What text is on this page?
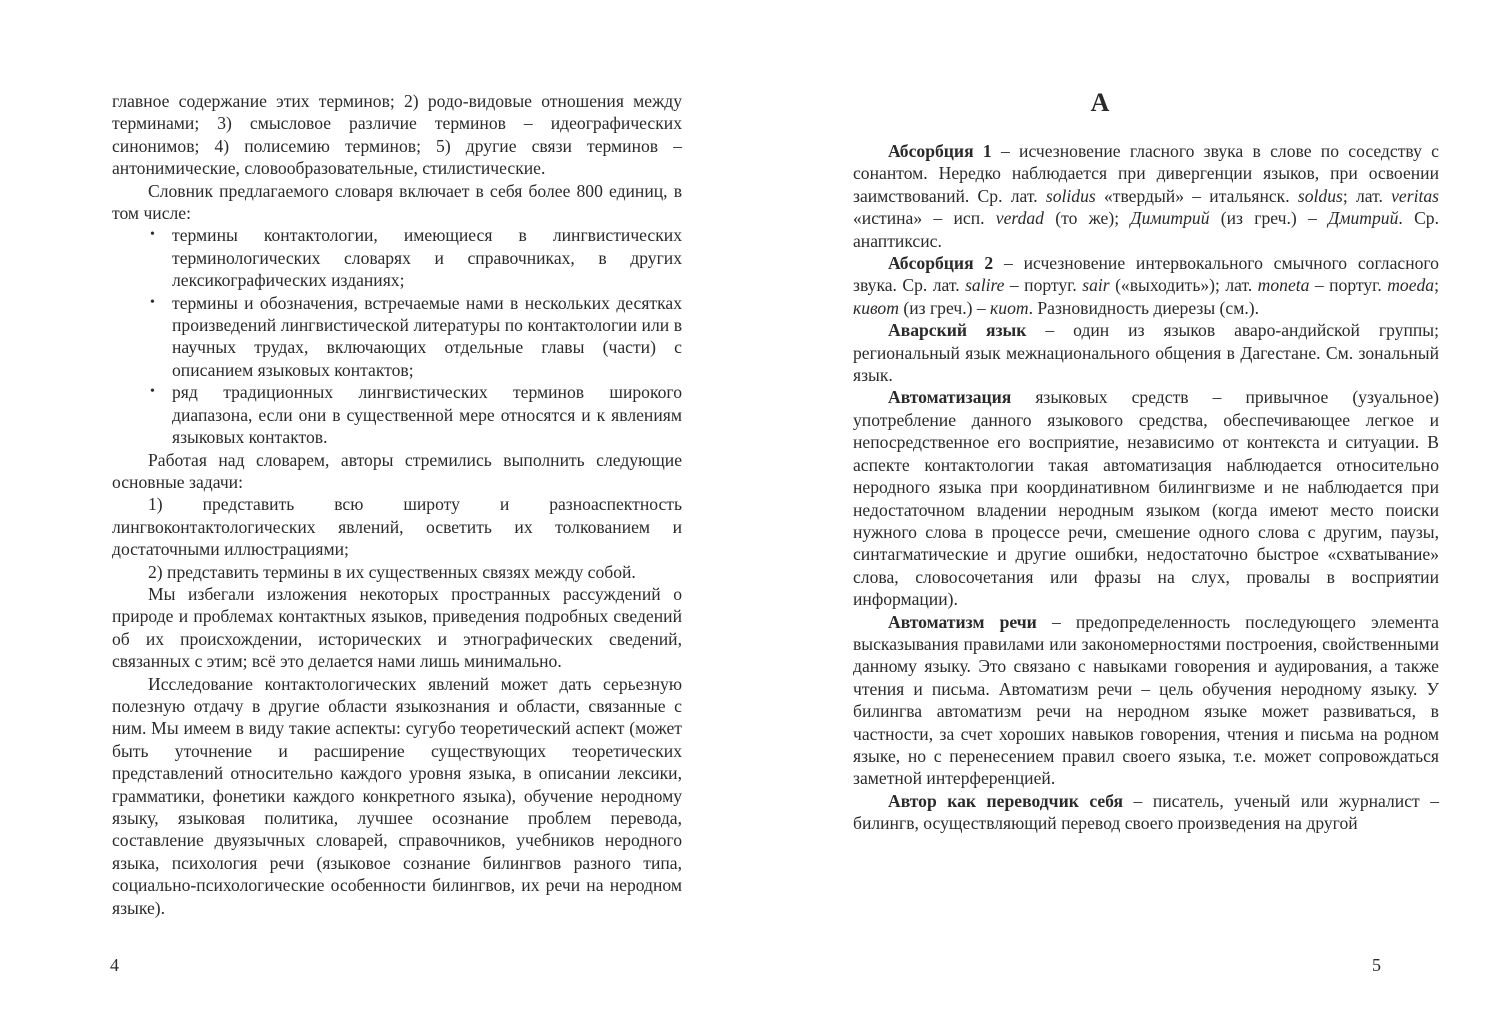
главное содержание этих терминов; 2) родо-видовые отношения между терминами; 3) смысловое различие терминов – идеографических синонимов; 4) полисемию терминов; 5) другие связи терминов – антонимические, словообразовательные, стилистические.

Словник предлагаемого словаря включает в себя более 800 единиц, в том числе:

• термины контактологии, имеющиеся в лингвистических терминологических словарях и справочниках, в других лексикографических изданиях;
• термины и обозначения, встречаемые нами в нескольких десятках произведений лингвистической литературы по контактологии или в научных трудах, включающих отдельные главы (части) с описанием языковых контактов;
• ряд традиционных лингвистических терминов широкого диапазона, если они в существенной мере относятся и к явлениям языковых контактов.

Работая над словарем, авторы стремились выполнить следующие основные задачи:

1) представить всю широту и разноаспектность лингвоконтактологических явлений, осветить их толкованием и достаточными иллюстрациями;

2) представить термины в их существенных связях между собой.

Мы избегали изложения некоторых пространных рассуждений о природе и проблемах контактных языков, приведения подробных сведений об их происхождении, исторических и этнографических сведений, связанных с этим; всё это делается нами лишь минимально.

Исследование контактологических явлений может дать серьезную полезную отдачу в другие области языкознания и области, связанные с ним. Мы имеем в виду такие аспекты: сугубо теоретический аспект (может быть уточнение и расширение существующих теоретических представлений относительно каждого уровня языка, в описании лексики, грамматики, фонетики каждого конкретного языка), обучение неродному языку, языковая политика, лучшее осознание проблем перевода, составление двуязычных словарей, справочников, учебников неродного языка, психология речи (языковое сознание билингвов разного типа, социально-психологические особенности билингвов, их речи на неродном языке).

4
А

Абсорбция 1 – исчезновение гласного звука в слове по соседству с сонантом. Нередко наблюдается при дивергенции языков, при освоении заимствований. Ср. лат. solidus «твердый» – итальянск. soldus; лат. veritas «истина» – исп. verdad (то же); Димитрий (из греч.) – Дмитрий. Ср. анаптиксис.

Абсорбция 2 – исчезновение интервокального смычного согласного звука. Ср. лат. salire – португ. sair («выходить»); лат. moneta – португ. moeda; кивот (из греч.) – киот. Разновидность диерезы (см.).

Аварский язык – один из языков аваро-андийской группы; региональный язык межнационального общения в Дагестане. См. зональный язык.

Автоматизация языковых средств – привычное (узуальное) употребление данного языкового средства, обеспечивающее легкое и непосредственное его восприятие, независимо от контекста и ситуации. В аспекте контактологии такая автоматизация наблюдается относительно неродного языка при координативном билингвизме и не наблюдается при недостаточном владении неродным языком (когда имеют место поиски нужного слова в процессе речи, смешение одного слова с другим, паузы, синтагматические и другие ошибки, недостаточно быстрое «схватывание» слова, словосочетания или фразы на слух, провалы в восприятии информации).

Автоматизм речи – предопределенность последующего элемента высказывания правилами или закономерностями построения, свойственными данному языку. Это связано с навыками говорения и аудирования, а также чтения и письма. Автоматизм речи – цель обучения неродному языку. У билингва автоматизм речи на неродном языке может развиваться, в частности, за счет хороших навыков говорения, чтения и письма на родном языке, но с перенесением правил своего языка, т.е. может сопровождаться заметной интерференцией.

Автор как переводчик себя – писатель, ученый или журналист – билингв, осуществляющий перевод своего произведения на другой

5
